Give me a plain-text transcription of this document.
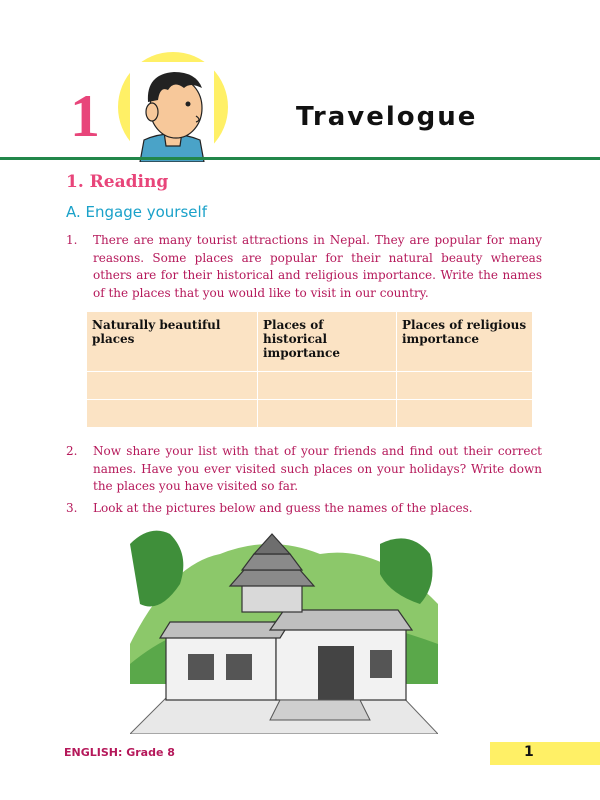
1	Travelogue
1. Reading
A. Engage yourself
1. There are many tourist attractions in Nepal. They are popular for many reasons. Some places are popular for their natural beauty whereas others are for their historical and religious importance. Write the names of the places that you would like to visit in our country.
Naturally beautiful places	Places of historical importance	Places of religious importance

2. Now share your list with that of your friends and find out their correct names. Have you ever visited such places on your holidays? Write down the places you have visited so far.
3. Look at the pictures below and guess the names of the places.
ENGLISH: Grade 8	1
